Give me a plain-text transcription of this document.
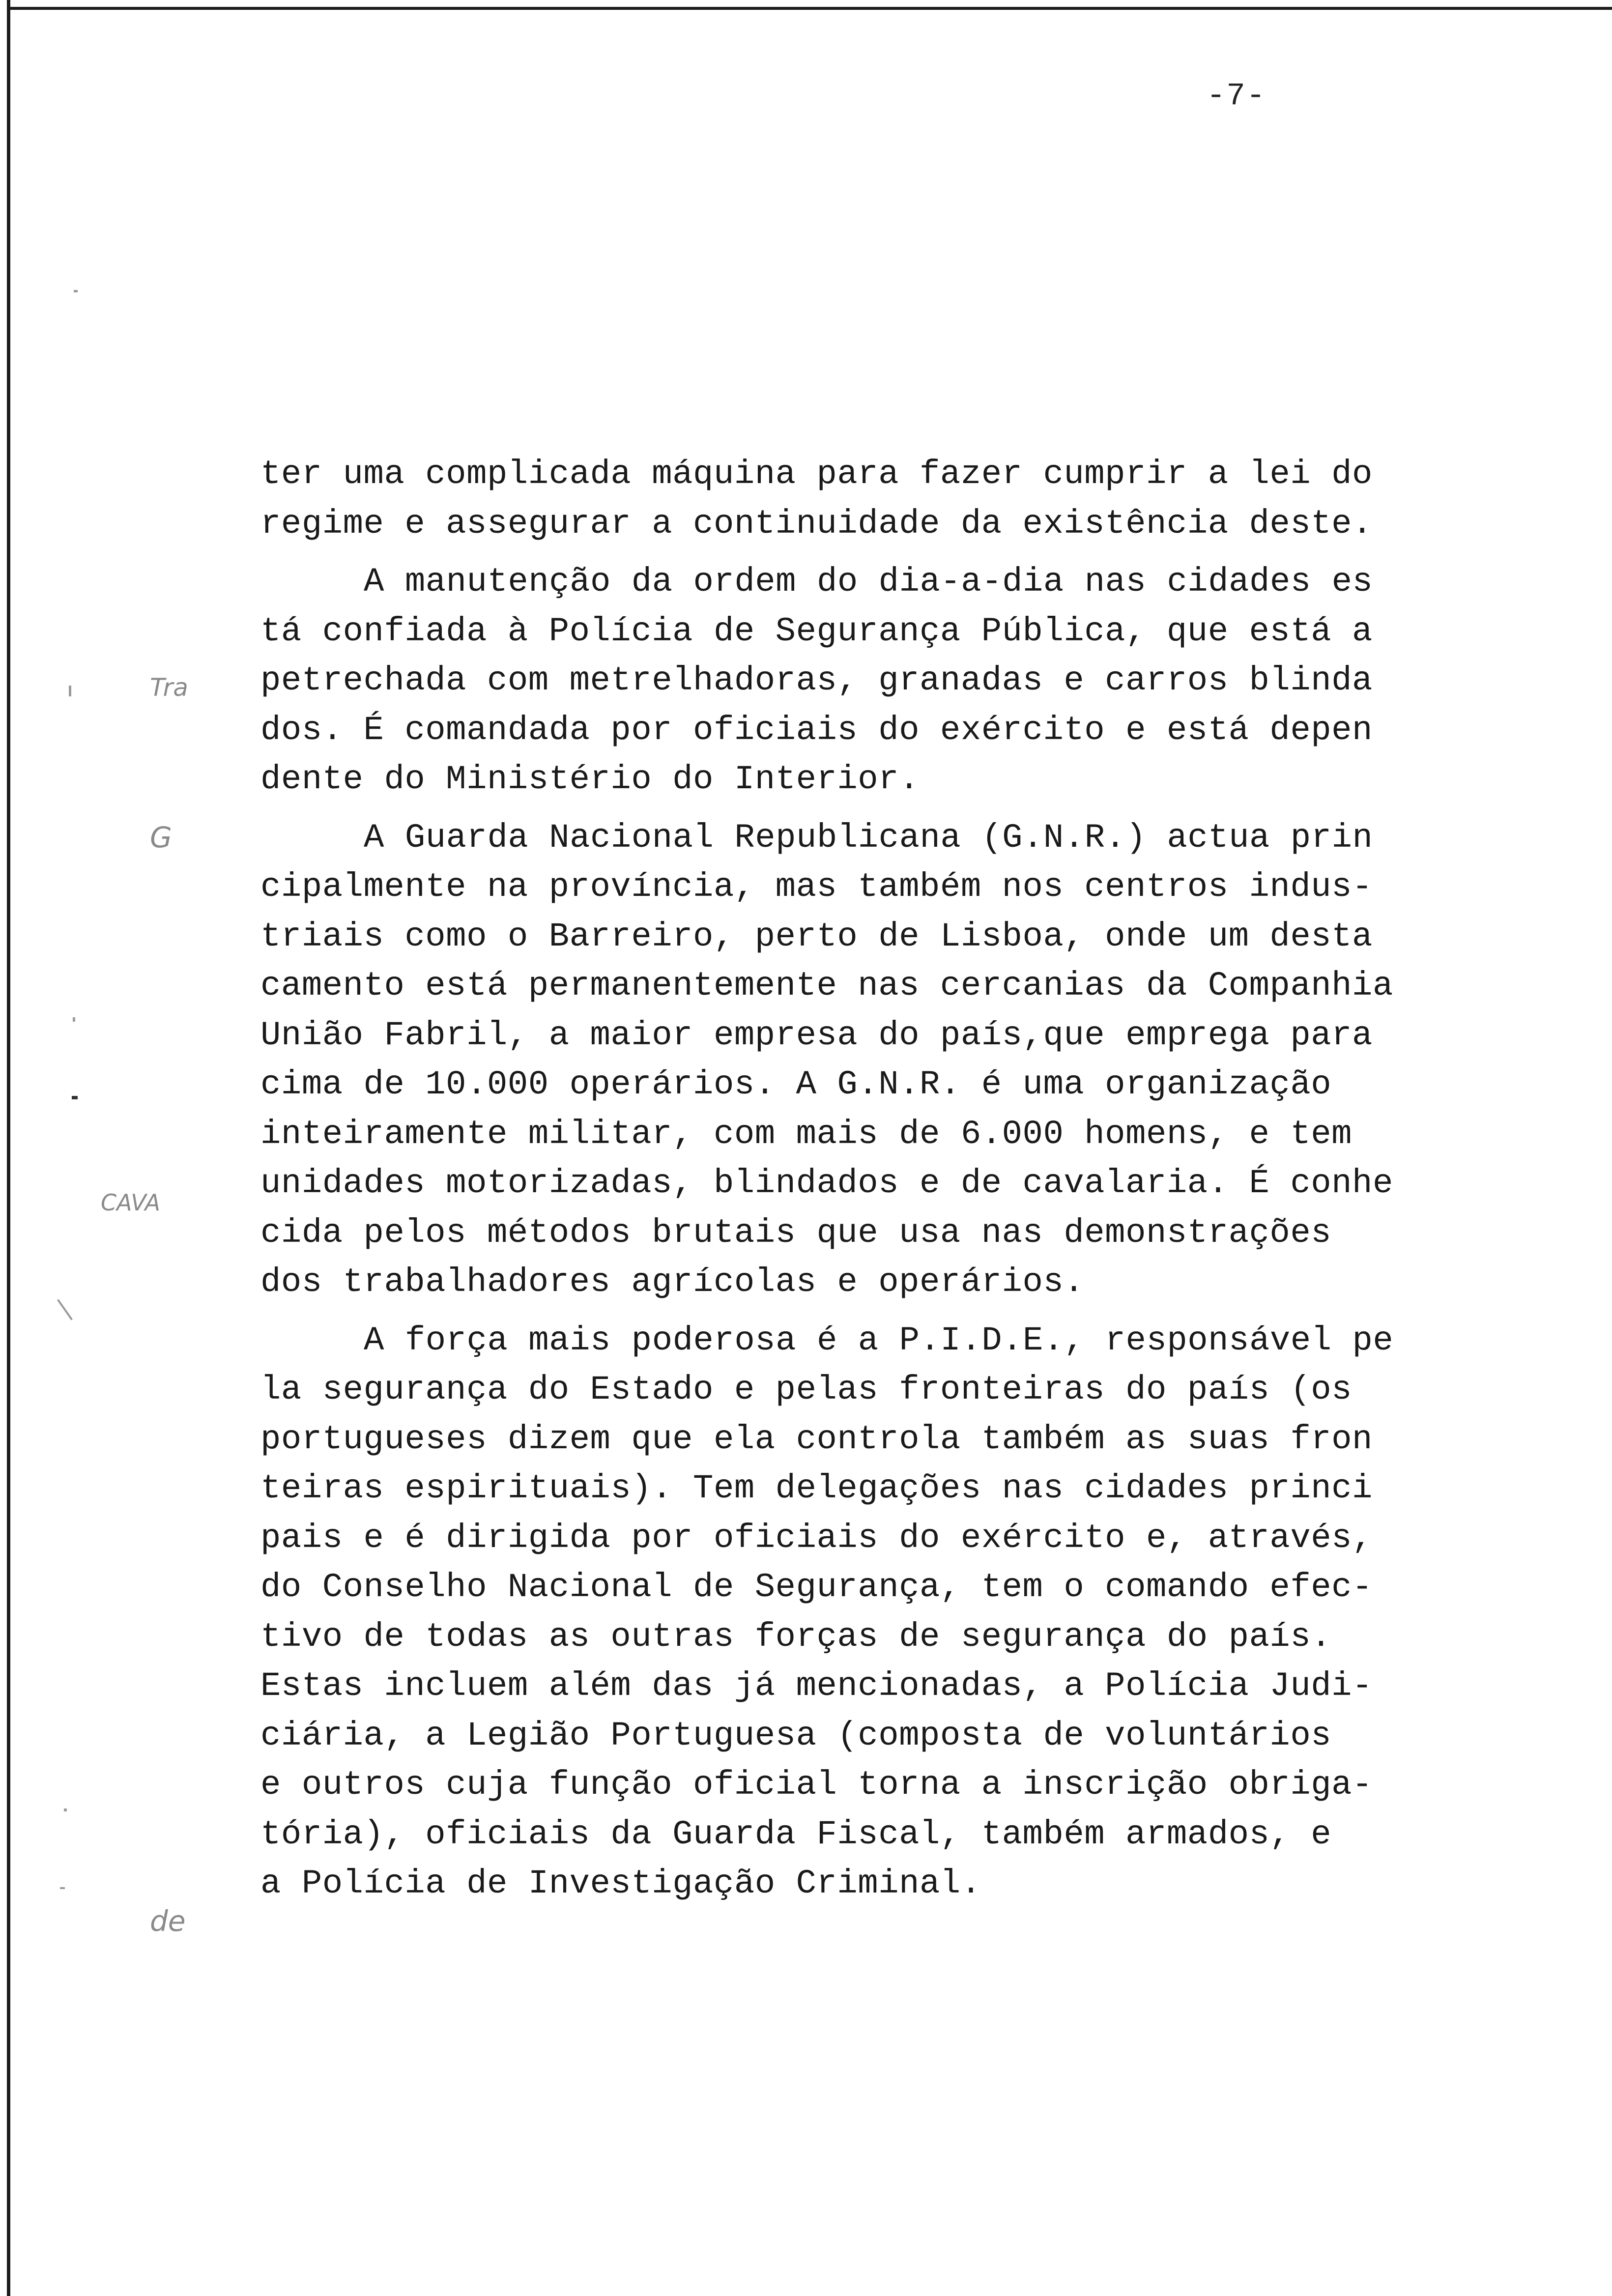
-7-
Tra
G
CAVA
de
ter uma complicada máquina para fazer cumprir a lei do
regime e assegurar a continuidade da existência deste.
A manutenção da ordem do dia-a-dia nas cidades es
tá confiada à Polícia de Segurança Pública, que está a
petrechada com metrelhadoras, granadas e carros blinda
dos. É comandada por oficiais do exército e está depen
dente do Ministério do Interior.
A Guarda Nacional Republicana (G.N.R.) actua prin
cipalmente na província, mas também nos centros indus-
triais como o Barreiro, perto de Lisboa, onde um desta
camento está permanentemente nas cercanias da Companhia
União Fabril, a maior empresa do país,que emprega para
cima de 10.000 operários. A G.N.R. é uma organização
inteiramente militar, com mais de 6.000 homens, e tem
unidades motorizadas, blindados e de cavalaria. É conhe
cida pelos métodos brutais que usa nas demonstrações
dos trabalhadores agrícolas e operários.
A força mais poderosa é a P.I.D.E., responsável pe
la segurança do Estado e pelas fronteiras do país (os
portugueses dizem que ela controla também as suas fron
teiras espirituais). Tem delegações nas cidades princi
pais e é dirigida por oficiais do exército e, através,
do Conselho Nacional de Segurança, tem o comando efec-
tivo de todas as outras forças de segurança do país.
Estas incluem além das já mencionadas, a Polícia Judi-
ciária, a Legião Portuguesa (composta de voluntários
e outros cuja função oficial torna a inscrição obriga-
tória), oficiais da Guarda Fiscal, também armados, e
a Polícia de Investigação Criminal.
